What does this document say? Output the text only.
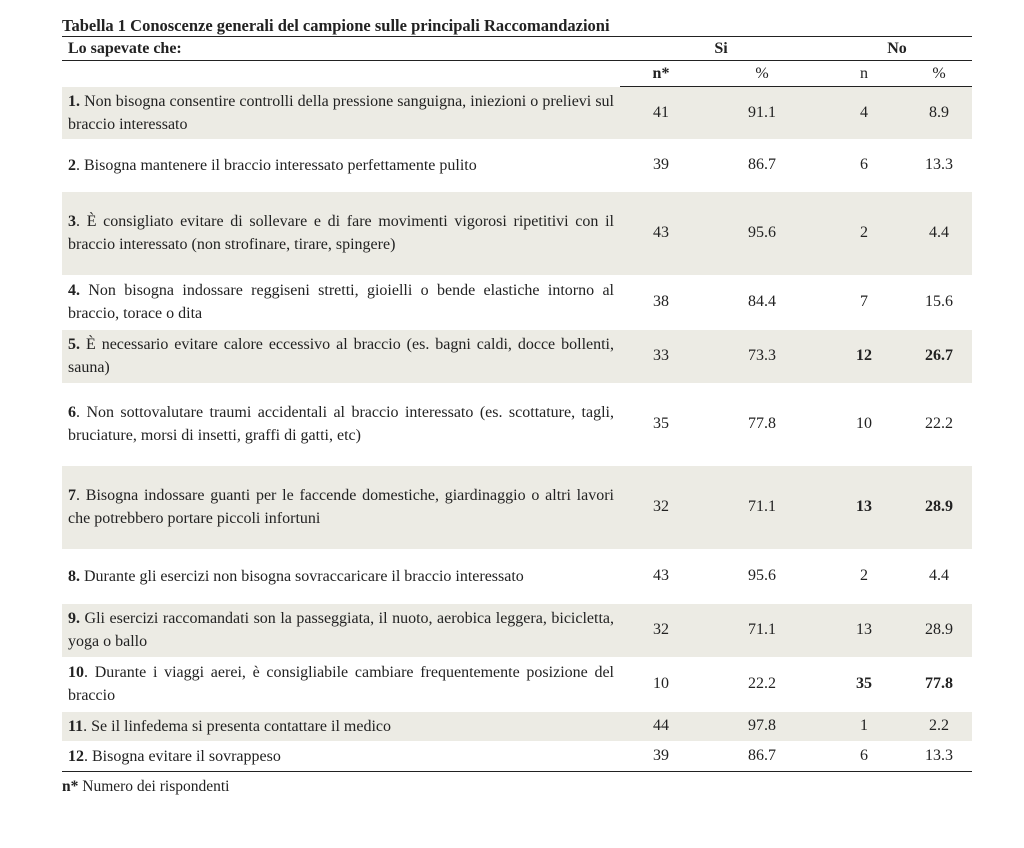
Tabella 1 Conoscenze generali del campione sulle principali Raccomandazioni
Lo sapevate che:	Si		No	
	n*	%	n	%
1. Non bisogna consentire controlli della pressione sanguigna, iniezioni o prelievi sul braccio interessato	41	91.1	4	8.9
2. Bisogna mantenere il braccio interessato perfettamente pulito	39	86.7	6	13.3
3. È consigliato evitare di sollevare e di fare movimenti vigorosi ripetitivi con il braccio interessato (non strofinare, tirare, spingere)	43	95.6	2	4.4
4. Non bisogna indossare reggiseni stretti, gioielli o bende elastiche intorno al braccio, torace o dita	38	84.4	7	15.6
5. È necessario evitare calore eccessivo al braccio (es. bagni caldi, docce bollenti, sauna)	33	73.3	12	26.7
6. Non sottovalutare traumi accidentali al braccio interessato (es. scottature, tagli, bruciature, morsi di insetti, graffi di gatti, etc)	35	77.8	10	22.2
7. Bisogna indossare guanti per le faccende domestiche, giardinaggio o altri lavori che potrebbero portare piccoli infortuni	32	71.1	13	28.9
8. Durante gli esercizi non bisogna sovraccaricare il braccio interessato	43	95.6	2	4.4
9. Gli esercizi raccomandati son la passeggiata, il nuoto, aerobica leggera, bicicletta, yoga o ballo	32	71.1	13	28.9
10. Durante i viaggi aerei, è consigliabile cambiare frequentemente posizione del braccio	10	22.2	35	77.8
11. Se il linfedema si presenta contattare il medico	44	97.8	1	2.2
12. Bisogna evitare il sovrappeso	39	86.7	6	13.3
n* Numero dei rispondenti
